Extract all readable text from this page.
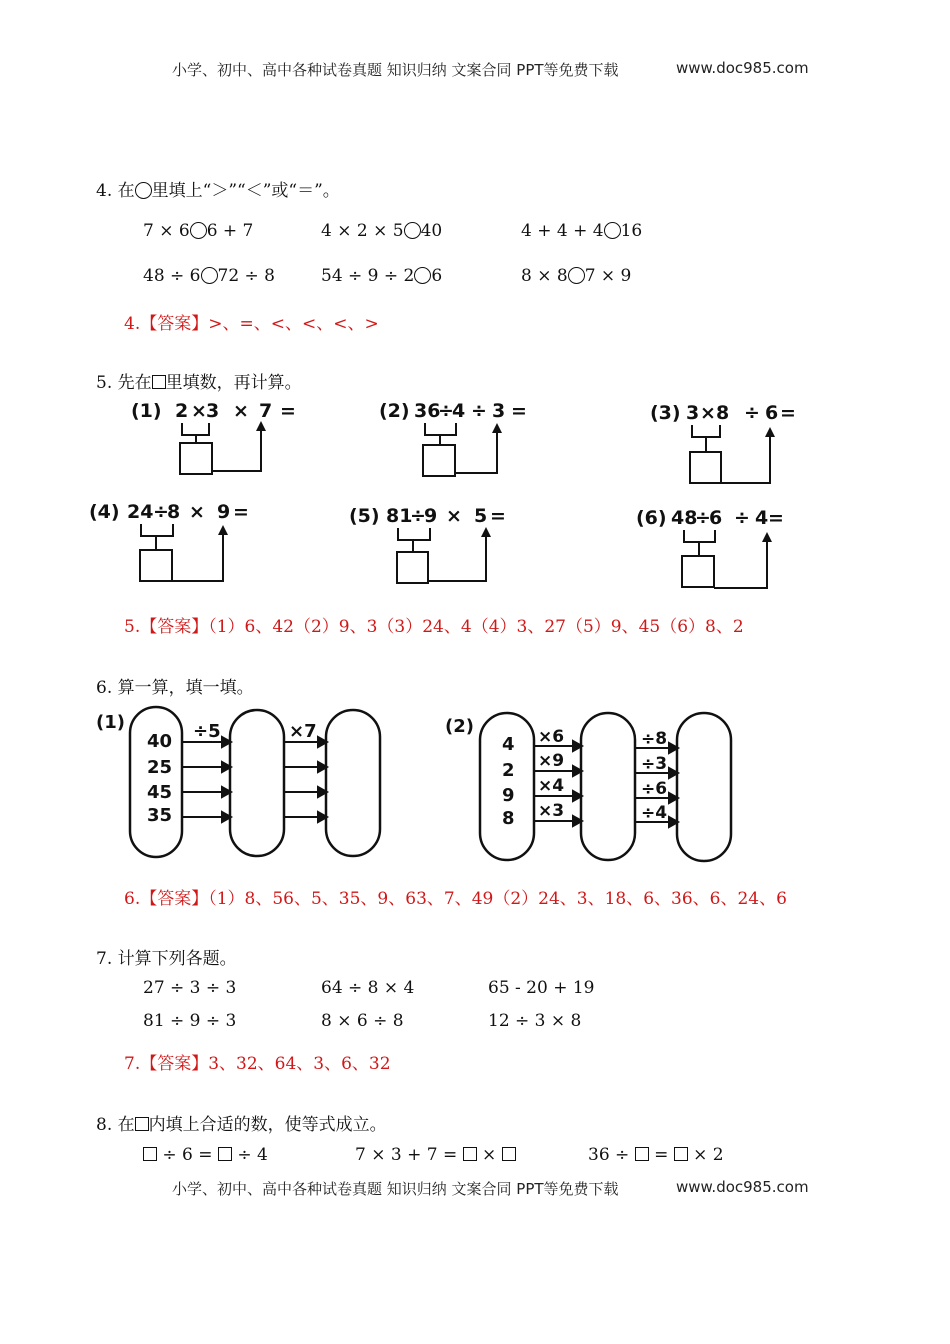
小学、初中、高中各种试卷真题 知识归纳 文案合同 PPT等免费下载	www.doc985.com
4. 在 里填上“＞”“＜”或“＝”。
7 × 6 6 + 7	4 × 2 × 5 40	4 + 4 + 4 16
48 ÷ 6 72 ÷ 8	54 ÷ 9 ÷ 2 6	8 × 8 7 × 9
4.【答案】>、=、<、<、<、>
5. 先在 里填数，再计算。
(1) 2 × 3 × 7 =	(2) 36
÷
4 ÷ 3 =	(3) 3 × 8 ÷ 6 =
(4) 24 ÷
8 × 9 =	(5) 81
÷
9 × 5 =	(6) 48
÷
6 ÷ 4 =
5.【答案】（1）6、42（2）9、3（3）24、4（4）3、27（5）9、45（6）8、2
6. 算一算，填一填。
(1)
40
25
45
35
÷5	×7	(2)
4
2
9
8
×6
×9
×4
×3
÷8
÷3
÷6
÷4
6.【答案】（1）8、56、5、35、9、63、7、49（2）24、3、18、6、36、6、24、6
7. 计算下列各题。
27 ÷ 3 ÷ 3	64 ÷ 8 × 4	65 - 20 + 19
81 ÷ 9 ÷ 3	8 × 6 ÷ 8	12 ÷ 3 × 8
7.【答案】3、32、64、3、6、32
8. 在 内填上合适的数，使等式成立。
÷ 6 = ÷ 4	7 × 3 + 7 = ×	36 ÷ = × 2
小学、初中、高中各种试卷真题 知识归纳 文案合同 PPT等免费下载	www.doc985.com
